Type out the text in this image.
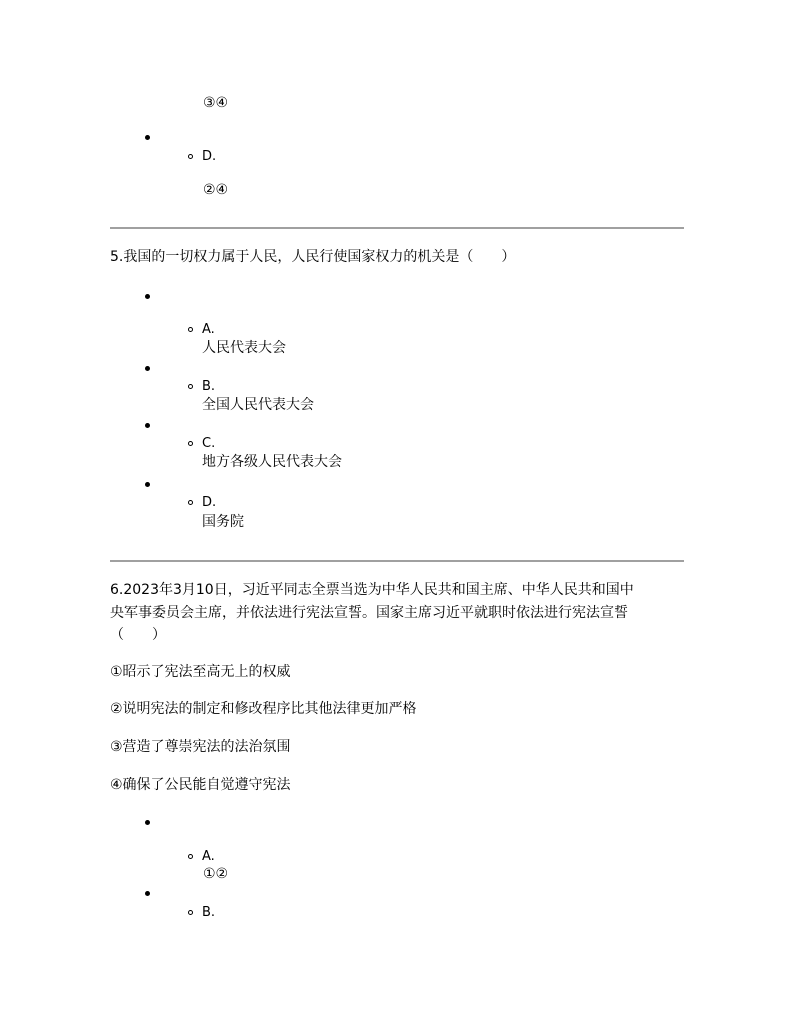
③④
D.
②④
5.我国的一切权力属于人民，人民行使国家权力的机关是（　　）
A.
人民代表大会
B.
全国人民代表大会
C.
地方各级人民代表大会
D.
国务院
6.2023年3月10日，习近平同志全票当选为中华人民共和国主席、中华人民共和国中
央军事委员会主席，并依法进行宪法宣誓。国家主席习近平就职时依法进行宪法宣誓
（　　）
①昭示了宪法至高无上的权威
②说明宪法的制定和修改程序比其他法律更加严格
③营造了尊崇宪法的法治氛围
④确保了公民能自觉遵守宪法
A.
①②
B.
